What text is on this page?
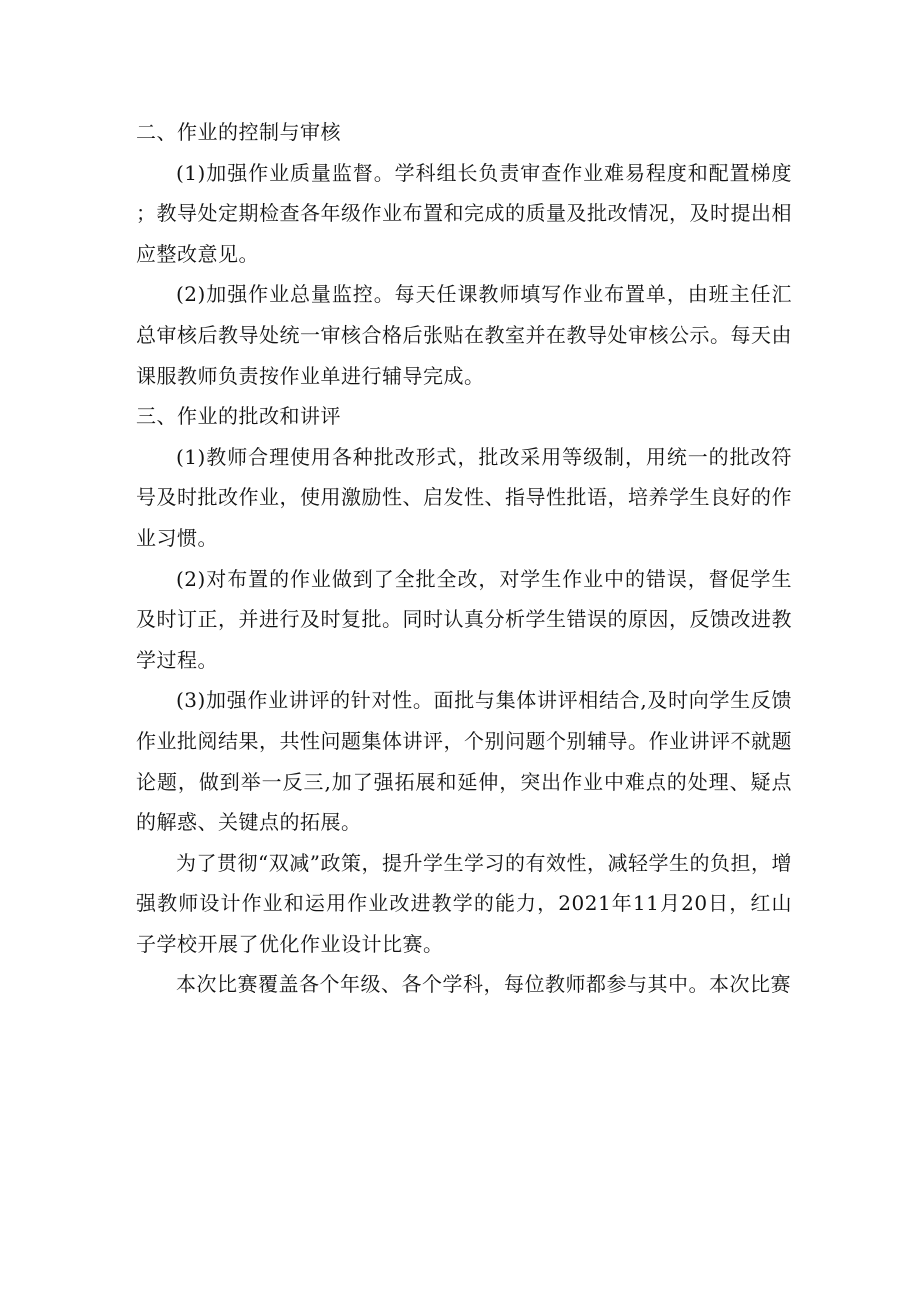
二、作业的控制与审核

(1)加强作业质量监督。学科组长负责审查作业难易程度和配置梯度；教导处定期检查各年级作业布置和完成的质量及批改情况，及时提出相应整改意见。

(2)加强作业总量监控。每天任课教师填写作业布置单，由班主任汇总审核后教导处统一审核合格后张贴在教室并在教导处审核公示。每天由课服教师负责按作业单进行辅导完成。

三、作业的批改和讲评

(1)教师合理使用各种批改形式，批改采用等级制，用统一的批改符号及时批改作业，使用激励性、启发性、指导性批语，培养学生良好的作业习惯。

(2)对布置的作业做到了全批全改，对学生作业中的错误，督促学生及时订正，并进行及时复批。同时认真分析学生错误的原因，反馈改进教学过程。

(3)加强作业讲评的针对性。面批与集体讲评相结合,及时向学生反馈作业批阅结果，共性问题集体讲评，个别问题个别辅导。作业讲评不就题论题，做到举一反三,加了强拓展和延伸，突出作业中难点的处理、疑点的解惑、关键点的拓展。

为了贯彻“双减”政策，提升学生学习的有效性，减轻学生的负担，增强教师设计作业和运用作业改进教学的能力，2021年11月20日，红山子学校开展了优化作业设计比赛。

本次比赛覆盖各个年级、各个学科，每位教师都参与其中。本次比赛
